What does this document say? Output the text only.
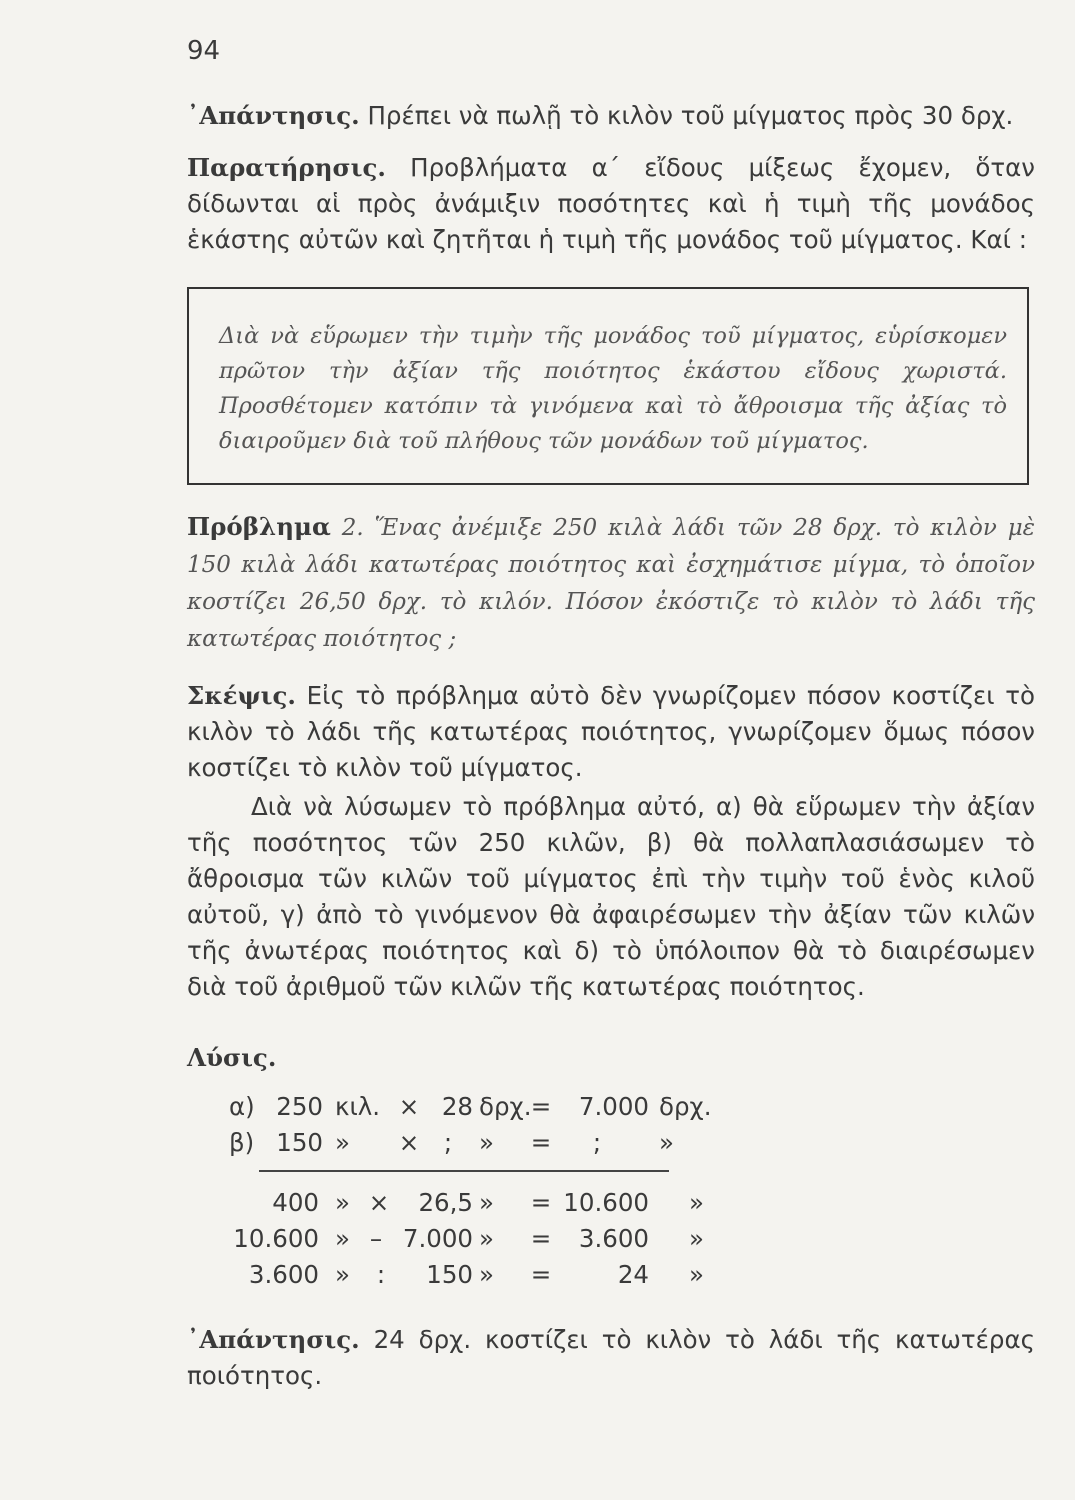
94
᾿Απάντησις. Πρέπει νὰ πωλῇ τὸ κιλὸν τοῦ μίγματος πρὸς 30 δρχ.
Παρατήρησις. Προβλήματα α΄ εἴδους μίξεως ἔχομεν, ὅταν δίδωνται αἱ πρὸς ἀνάμιξιν ποσότητες καὶ ἡ τιμὴ τῆς μονάδος ἑκάστης αὐτῶν καὶ ζητῆται ἡ τιμὴ τῆς μονάδος τοῦ μίγματος. Καί :
Διὰ νὰ εὕρωμεν τὴν τιμὴν τῆς μονάδος τοῦ μίγματος, εὑρίσκομεν πρῶτον τὴν ἀξίαν τῆς ποιότητος ἑκάστου εἴδους χωριστά. Προσθέτομεν κατόπιν τὰ γινόμενα καὶ τὸ ἄθροισμα τῆς ἀξίας τὸ διαιροῦμεν διὰ τοῦ πλήθους τῶν μονάδων τοῦ μίγματος.
Πρόβλημα 2. Ἕνας ἀνέμιξε 250 κιλὰ λάδι τῶν 28 δρχ. τὸ κιλὸν μὲ 150 κιλὰ λάδι κατωτέρας ποιότητος καὶ ἐσχημάτισε μίγμα, τὸ ὁποῖον κοστίζει 26,50 δρχ. τὸ κιλόν. Πόσον ἐκόστιζε τὸ κιλὸν τὸ λάδι τῆς κατωτέρας ποιότητος ;
Σκέψις. Εἰς τὸ πρόβλημα αὐτὸ δὲν γνωρίζομεν πόσον κοστίζει τὸ κιλὸν τὸ λάδι τῆς κατωτέρας ποιότητος, γνωρίζομεν ὅμως πόσον κοστίζει τὸ κιλὸν τοῦ μίγματος.
Διὰ νὰ λύσωμεν τὸ πρόβλημα αὐτό, α) θὰ εὕρωμεν τὴν ἀξίαν τῆς ποσότητος τῶν 250 κιλῶν, β) θὰ πολλαπλασιάσωμεν τὸ ἄθροισμα τῶν κιλῶν τοῦ μίγματος ἐπὶ τὴν τιμὴν τοῦ ἑνὸς κιλοῦ αὐτοῦ, γ) ἀπὸ τὸ γινόμενον θὰ ἀφαιρέσωμεν τὴν ἀξίαν τῶν κιλῶν τῆς ἀνωτέρας ποιότητος καὶ δ) τὸ ὑπόλοιπον θὰ τὸ διαιρέσωμεν διὰ τοῦ ἀριθμοῦ τῶν κιλῶν τῆς κατωτέρας ποιότητος.
Λύσις.
α) 250 κιλ. × 28 δρχ. =	7.000 δρχ.
β) 150 » ×	;	» = ; »
400 » ×	26,5 » = 10.600 »
10.600 » – 7.000 » =	3.600 »
3.600 » :	150 » =	24 »
᾿Απάντησις. 24 δρχ. κοστίζει τὸ κιλὸν τὸ λάδι τῆς κατωτέρας ποιότητος.
